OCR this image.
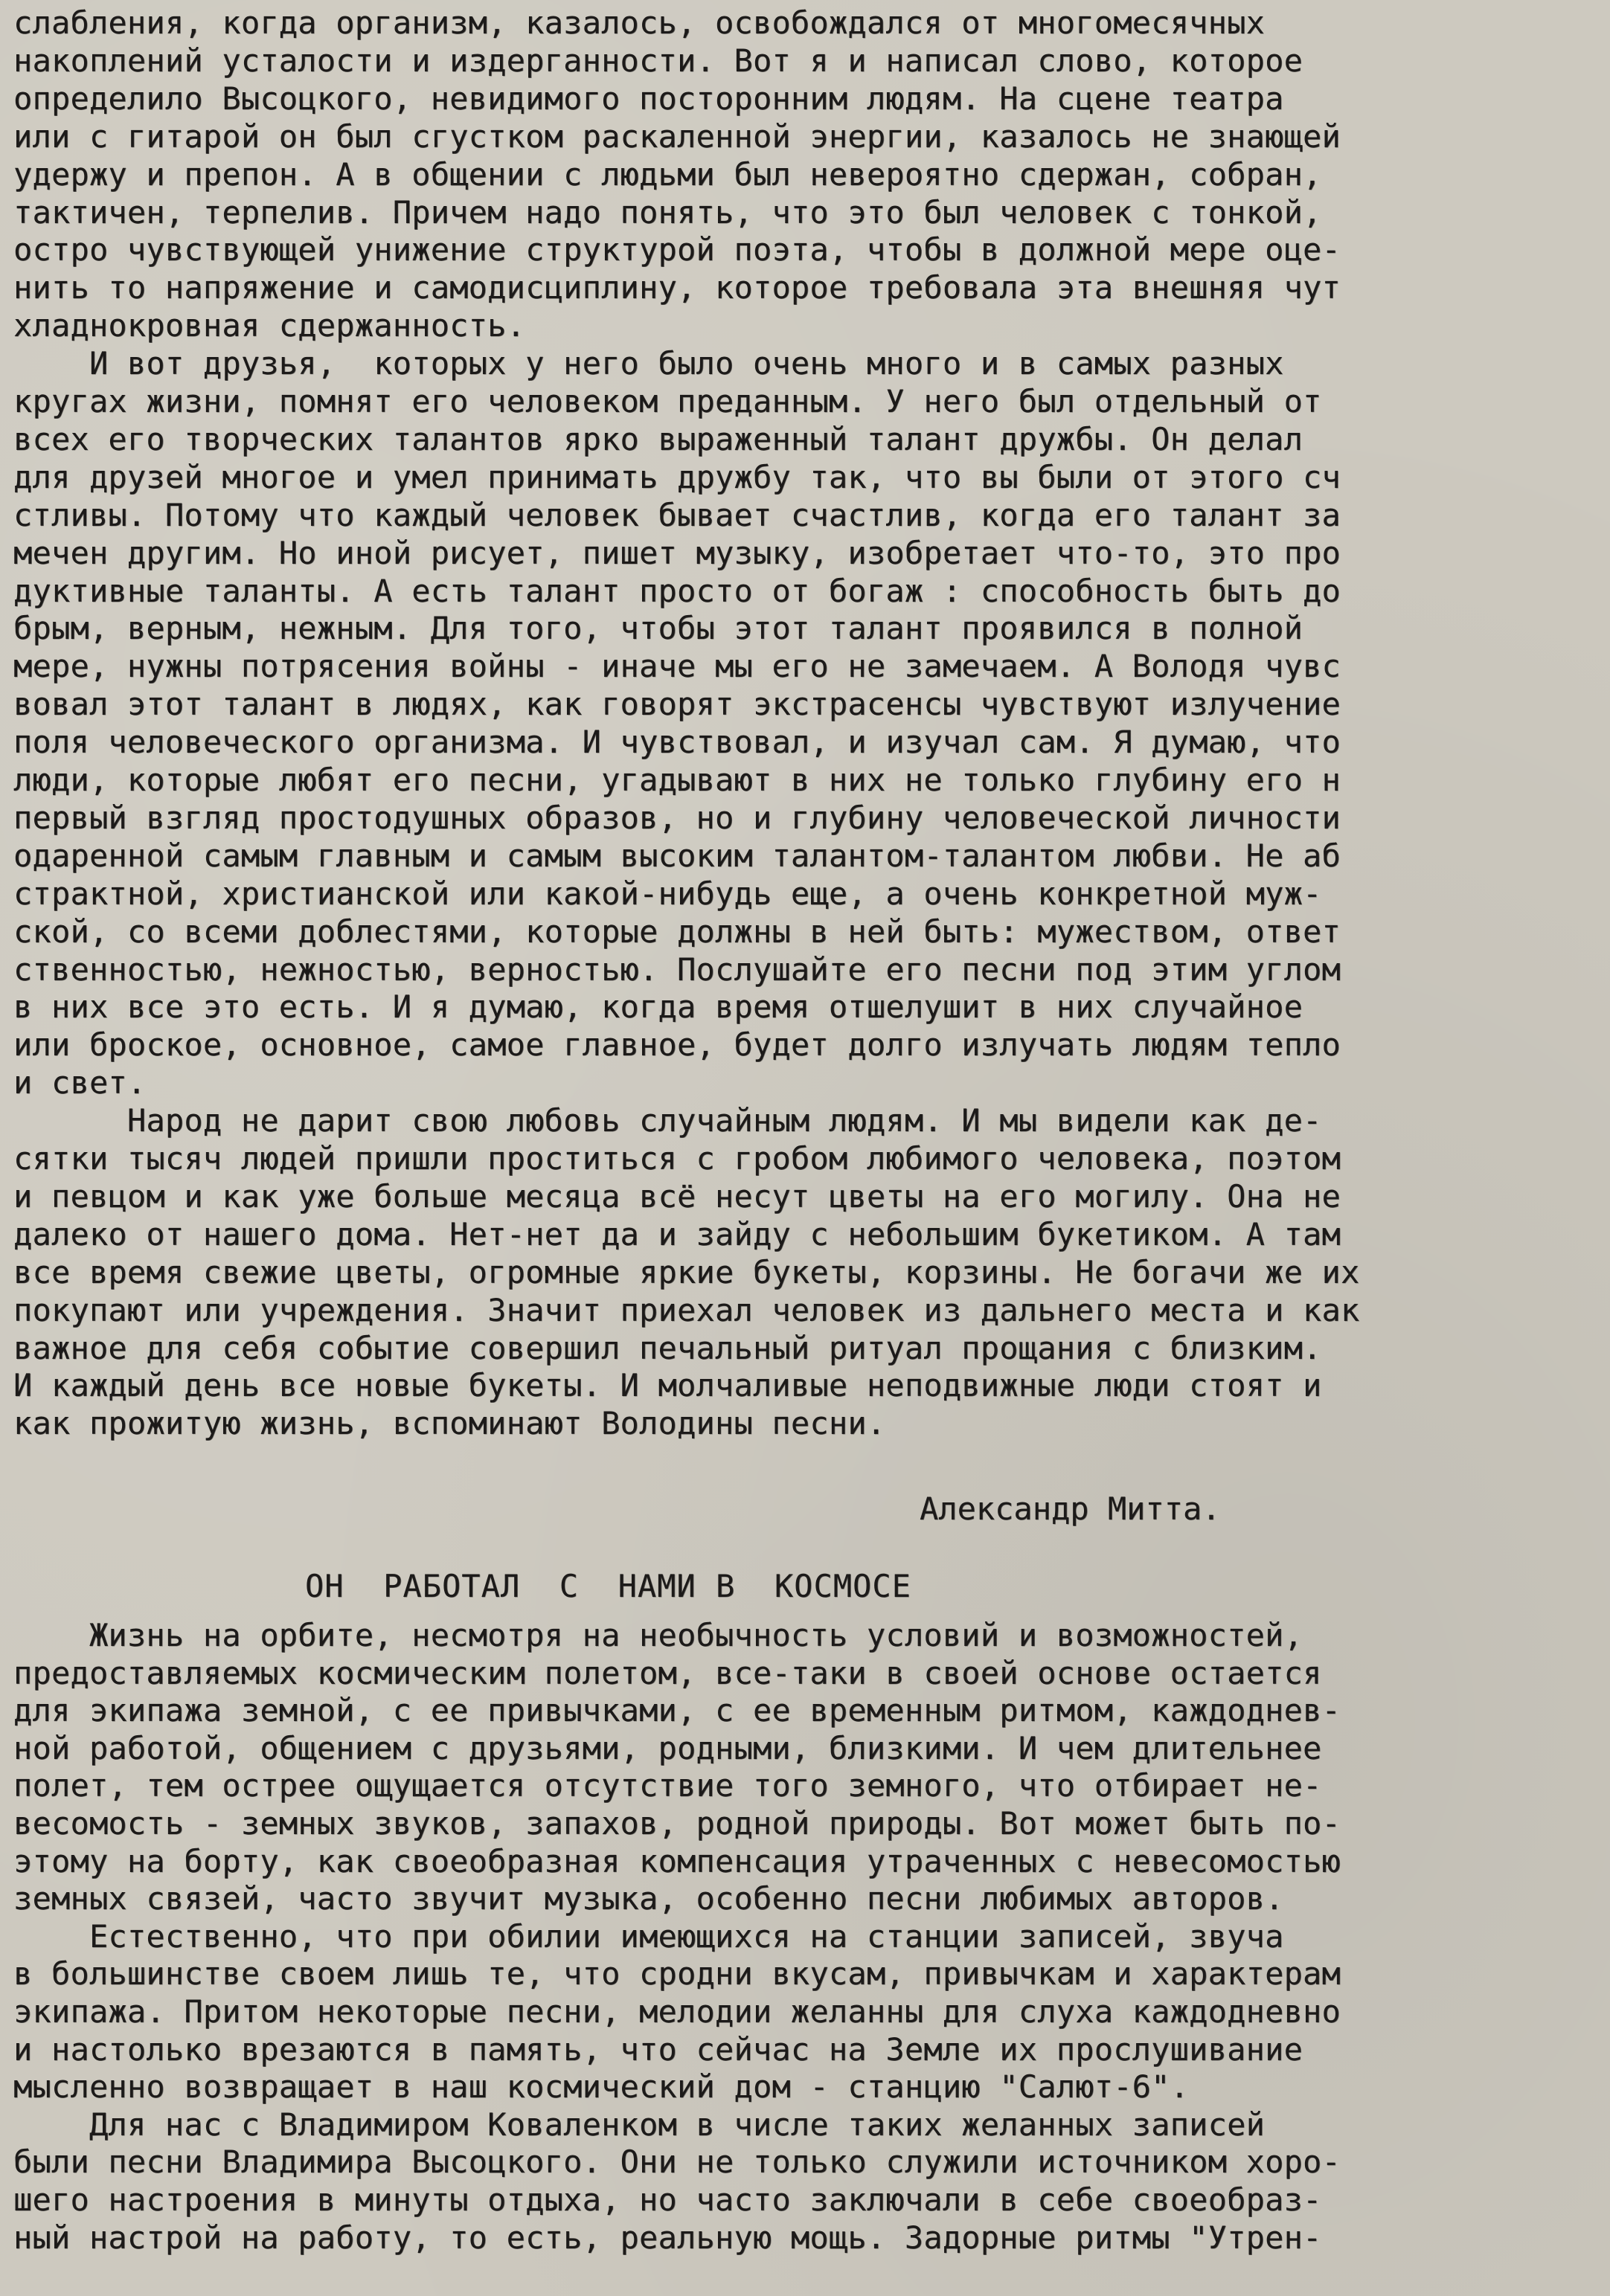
слабления, когда организм, казалось, освобождался от многомесячных
накоплений усталости и издерганности. Вот я и написал слово, которое
определило Высоцкого, невидимого посторонним людям. На сцене театра
или с гитарой он был сгустком раскаленной энергии, казалось не знающей
удержу и препон. А в общении с людьми был невероятно сдержан, собран,
тактичен, терпелив. Причем надо понять, что это был человек с тонкой,
остро чувствующей унижение структурой поэта, чтобы в должной мере оце-
нить то напряжение и самодисциплину, которое требовала эта внешняя чут
хладнокровная сдержанность.
И вот друзья,  которых у него было очень много и в самых разных
кругах жизни, помнят его человеком преданным. У него был отдельный от
всех его творческих талантов ярко выраженный талант дружбы. Он делал
для друзей многое и умел принимать дружбу так, что вы были от этого сч
стливы. Потому что каждый человек бывает счастлив, когда его талант за
мечен другим. Но иной рисует, пишет музыку, изобретает что-то, это про
дуктивные таланты. А есть талант просто от богаж : способность быть до
брым, верным, нежным. Для того, чтобы этот талант проявился в полной
мере, нужны потрясения войны - иначе мы его не замечаем. А Володя чувс
вовал этот талант в людях, как говорят экстрасенсы чувствуют излучение
поля человеческого организма. И чувствовал, и изучал сам. Я думаю, что
люди, которые любят его песни, угадывают в них не только глубину его н
первый взгляд простодушных образов, но и глубину человеческой личности
одаренной самым главным и самым высоким талантом-талантом любви. Не аб
страктной, христианской или какой-нибудь еще, а очень конкретной муж-
ской, со всеми доблестями, которые должны в ней быть: мужеством, ответ
ственностью, нежностью, верностью. Послушайте его песни под этим углом
в них все это есть. И я думаю, когда время отшелушит в них случайное
или броское, основное, самое главное, будет долго излучать людям тепло
и свет.
Народ не дарит свою любовь случайным людям. И мы видели как де-
сятки тысяч людей пришли проститься с гробом любимого человека, поэтом
и певцом и как уже больше месяца всё несут цветы на его могилу. Она не
далеко от нашего дома. Нет-нет да и зайду с небольшим букетиком. А там
все время свежие цветы, огромные яркие букеты, корзины. Не богачи же их
покупают или учреждения. Значит приехал человек из дальнего места и как
важное для себя событие совершил печальный ритуал прощания с близким.
И каждый день все новые букеты. И молчаливые неподвижные люди стоят и
как прожитую жизнь, вспоминают Володины песни.
Александр Митта.
ОН  РАБОТАЛ  С  НАМИ В  КОСМОСЕ
Жизнь на орбите, несмотря на необычность условий и возможностей,
предоставляемых космическим полетом, все-таки в своей основе остается
для экипажа земной, с ее привычками, с ее временным ритмом, каждоднев-
ной работой, общением с друзьями, родными, близкими. И чем длительнее
полет, тем острее ощущается отсутствие того земного, что отбирает не-
весомость - земных звуков, запахов, родной природы. Вот может быть по-
этому на борту, как своеобразная компенсация утраченных с невесомостью
земных связей, часто звучит музыка, особенно песни любимых авторов.
Естественно, что при обилии имеющихся на станции записей, звуча
в большинстве своем лишь те, что сродни вкусам, привычкам и характерам
экипажа. Притом некоторые песни, мелодии желанны для слуха каждодневно
и настолько врезаются в память, что сейчас на Земле их прослушивание
мысленно возвращает в наш космический дом - станцию "Салют-6".
Для нас с Владимиром Коваленком в числе таких желанных записей
были песни Владимира Высоцкого. Они не только служили источником хоро-
шего настроения в минуты отдыха, но часто заключали в себе своеобраз-
ный настрой на работу, то есть, реальную мощь. Задорные ритмы "Утрен-
